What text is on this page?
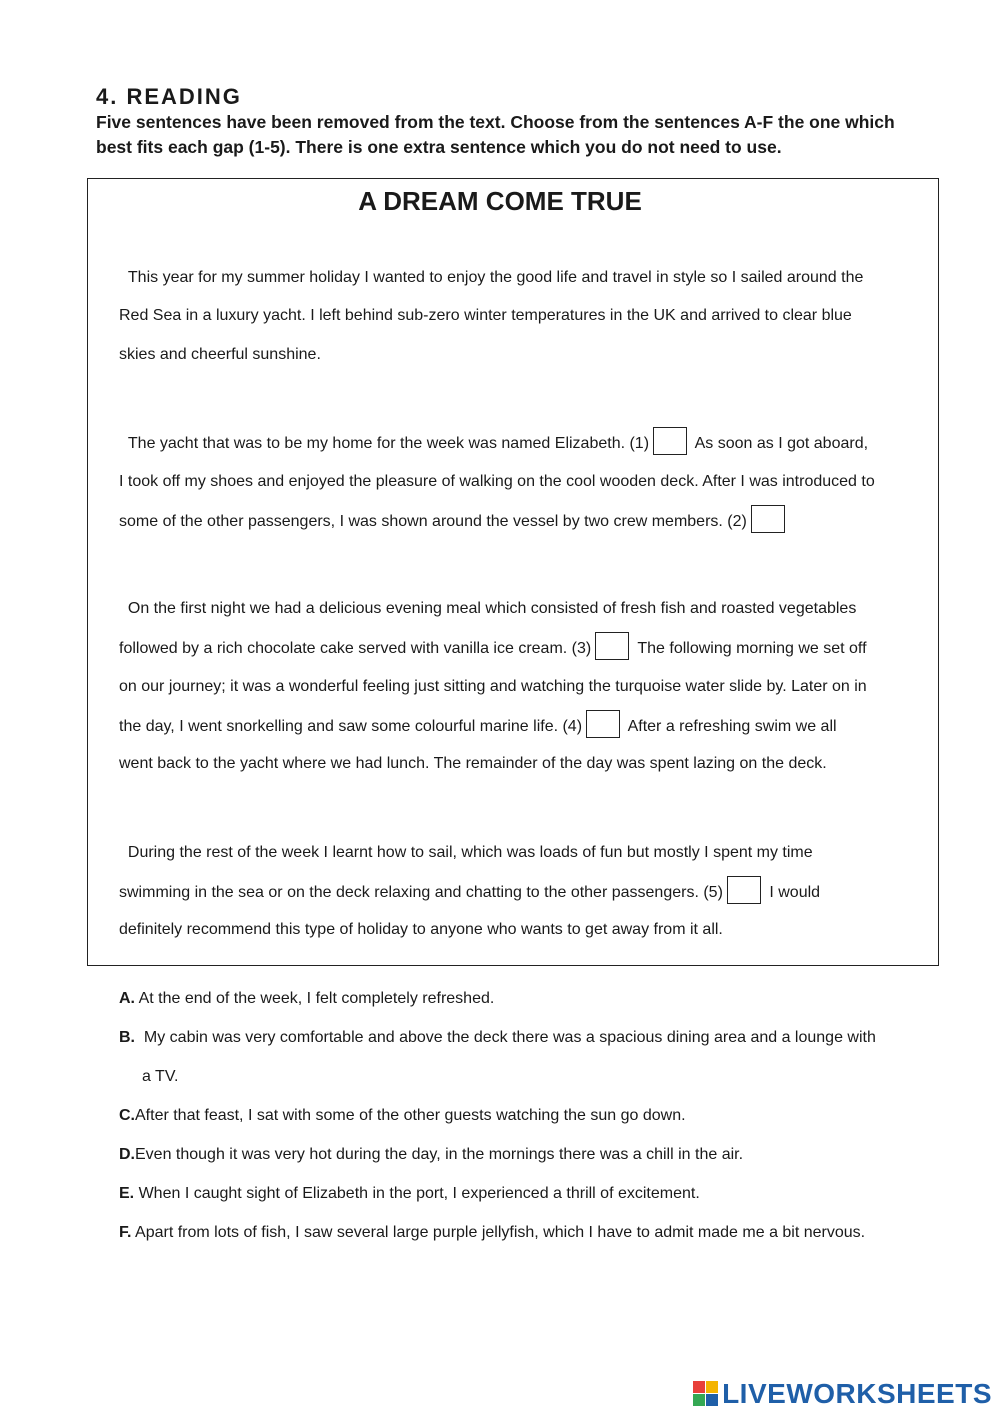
4. READING

Five sentences have been removed from the text. Choose from the sentences A-F the one which best fits each gap (1-5). There is one extra sentence which you do not need to use.

A DREAM COME TRUE
This year for my summer holiday I wanted to enjoy the good life and travel in style so I sailed around the
Red Sea in a luxury yacht. I left behind sub-zero winter temperatures in the UK and arrived to clear blue
skies and cheerful sunshine.
The yacht that was to be my home for the week was named Elizabeth. (1)	As soon as I got aboard,
I took off my shoes and enjoyed the pleasure of walking on the cool wooden deck. After I was introduced to
some of the other passengers, I was shown around the vessel by two crew members. (2)
On the first night we had a delicious evening meal which consisted of fresh fish and roasted vegetables
followed by a rich chocolate cake served with vanilla ice cream. (3)	The following morning we set off
on our journey; it was a wonderful feeling just sitting and watching the turquoise water slide by. Later on in
the day, I went snorkelling and saw some colourful marine life. (4)	After a refreshing swim we all
went back to the yacht where we had lunch. The remainder of the day was spent lazing on the deck.
During the rest of the week I learnt how to sail, which was loads of fun but mostly I spent my time
swimming in the sea or on the deck relaxing and chatting to the other passengers. (5)	I would
definitely recommend this type of holiday to anyone who wants to get away from it all.
A. At the end of the week, I felt completely refreshed.
B. My cabin was very comfortable and above the deck there was a spacious dining area and a lounge with
a TV.
C.After that feast, I sat with some of the other guests watching the sun go down.
D.Even though it was very hot during the day, in the mornings there was a chill in the air.
E. When I caught sight of Elizabeth in the port, I experienced a thrill of excitement.
F. Apart from lots of fish, I saw several large purple jellyfish, which I have to admit made me a bit nervous.
LIVEWORKSHEETS
